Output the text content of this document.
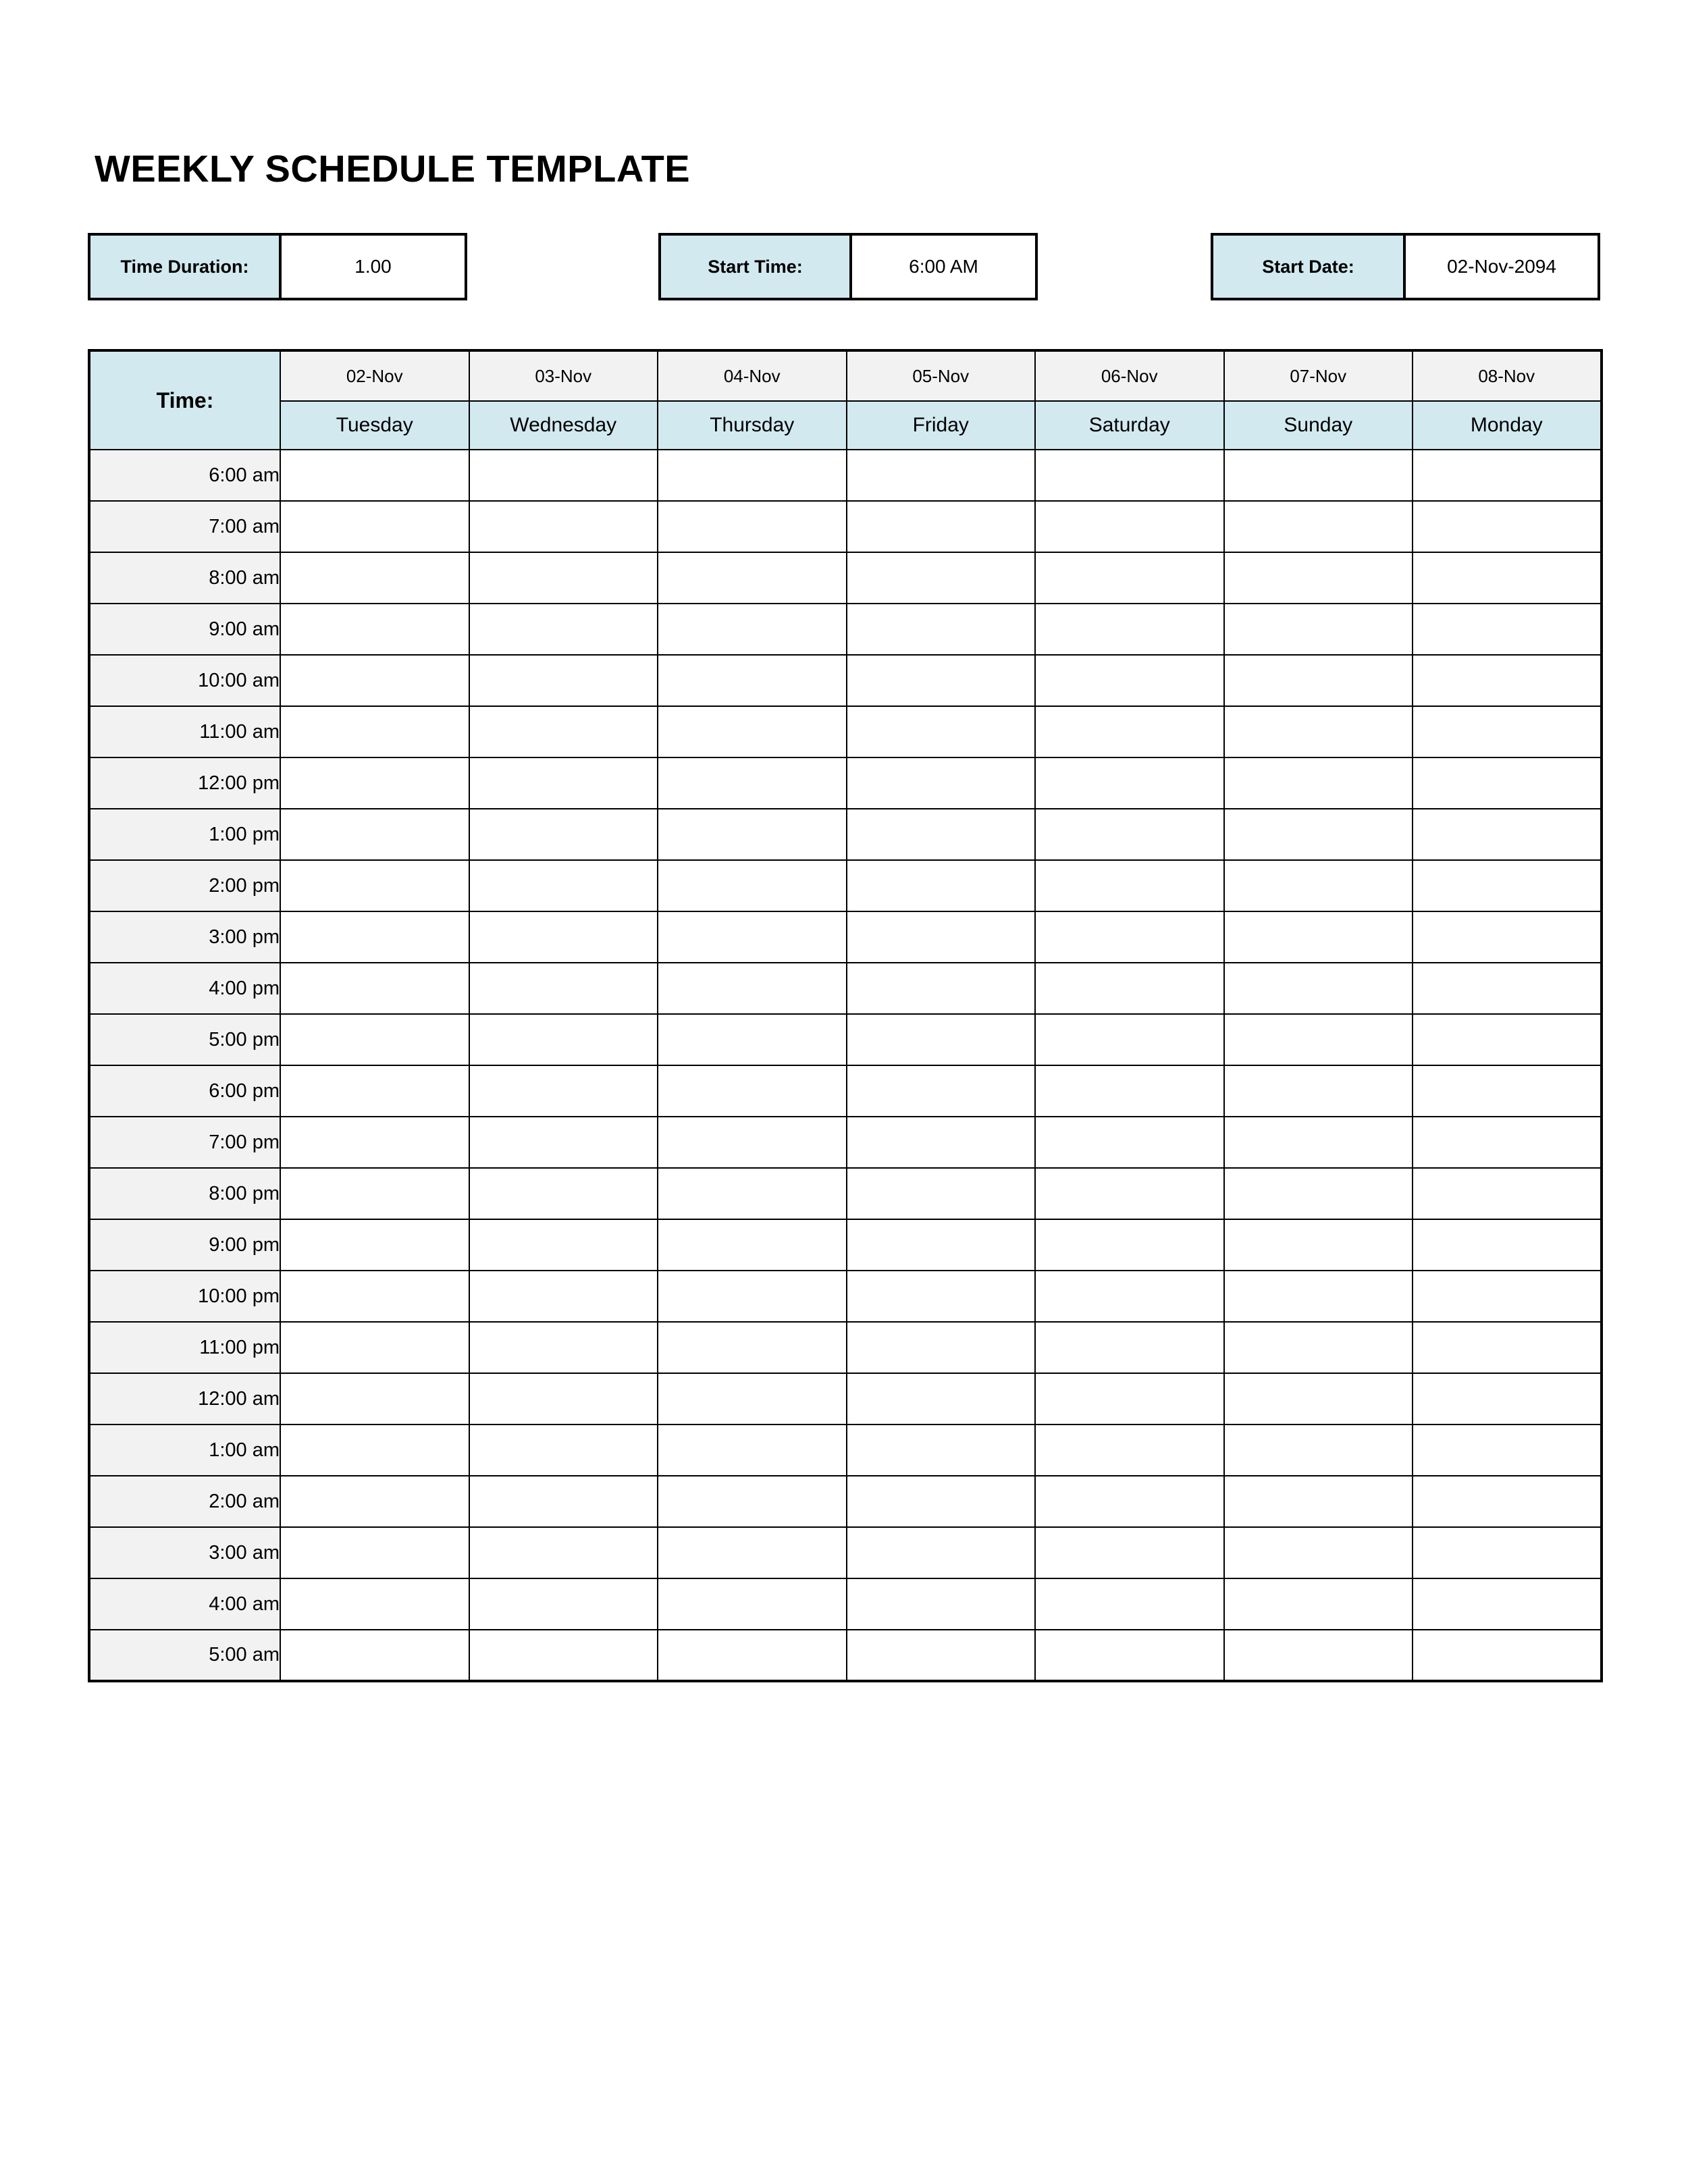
WEEKLY SCHEDULE TEMPLATE
Time Duration:	1.00	Start Time:	6:00 AM	Start Date:	02-Nov-2094
Time:	02-Nov	03-Nov	04-Nov	05-Nov	06-Nov	07-Nov	08-Nov
	Tuesday	Wednesday	Thursday	Friday	Saturday	Sunday	Monday
6:00 am							
7:00 am							
8:00 am							
9:00 am							
10:00 am							
11:00 am							
12:00 pm							
1:00 pm							
2:00 pm							
3:00 pm							
4:00 pm							
5:00 pm							
6:00 pm							
7:00 pm							
8:00 pm							
9:00 pm							
10:00 pm							
11:00 pm							
12:00 am							
1:00 am							
2:00 am							
3:00 am							
4:00 am							
5:00 am							
